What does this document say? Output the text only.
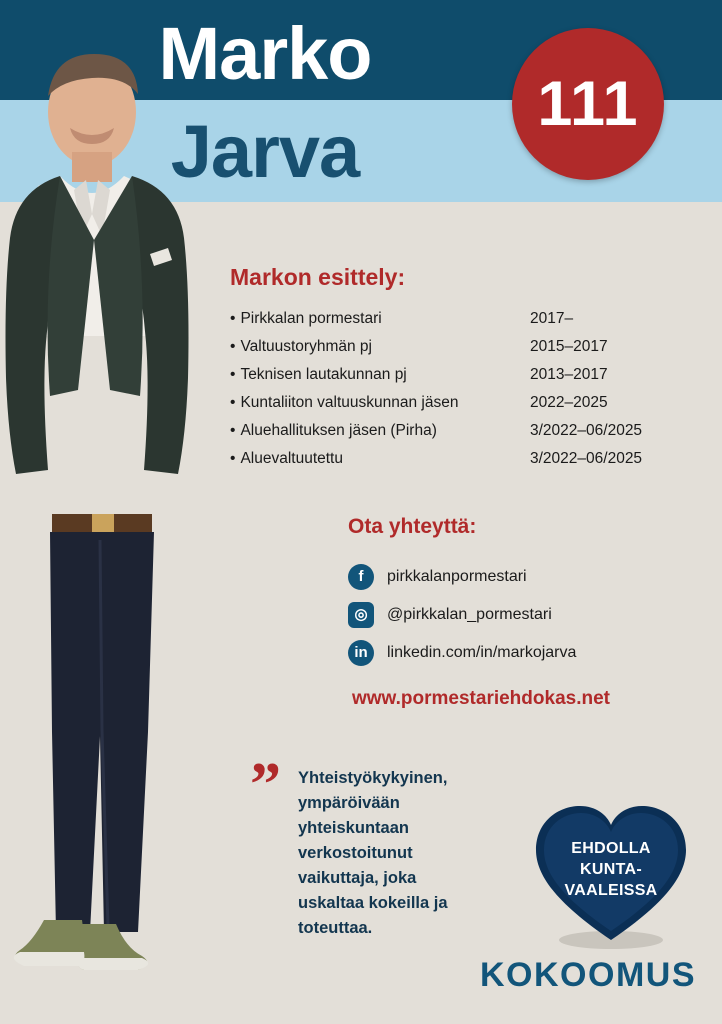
Marko
Jarva
111
Markon esittely:
• Pirkkalan pormestari	2017–
• Valtuustoryhmän pj	2015–2017
• Teknisen lautakunnan pj	2013–2017
• Kuntaliiton valtuuskunnan jäsen	2022–2025
• Aluehallituksen jäsen (Pirha)	3/2022–06/2025
• Aluevaltuutettu	3/2022–06/2025
Ota yhteyttä:
f	pirkkalanpormestari
◎	@pirkkalan_pormestari
in	linkedin.com/in/markojarva
www.pormestariehdokas.net
” Yhteistyökykyinen, ympäröivään yhteiskuntaan verkostoitunut vaikuttaja, joka uskaltaa kokeilla ja toteuttaa.
EHDOLLA
KUNTA-
VAALEISSA
KOKOOMUS
